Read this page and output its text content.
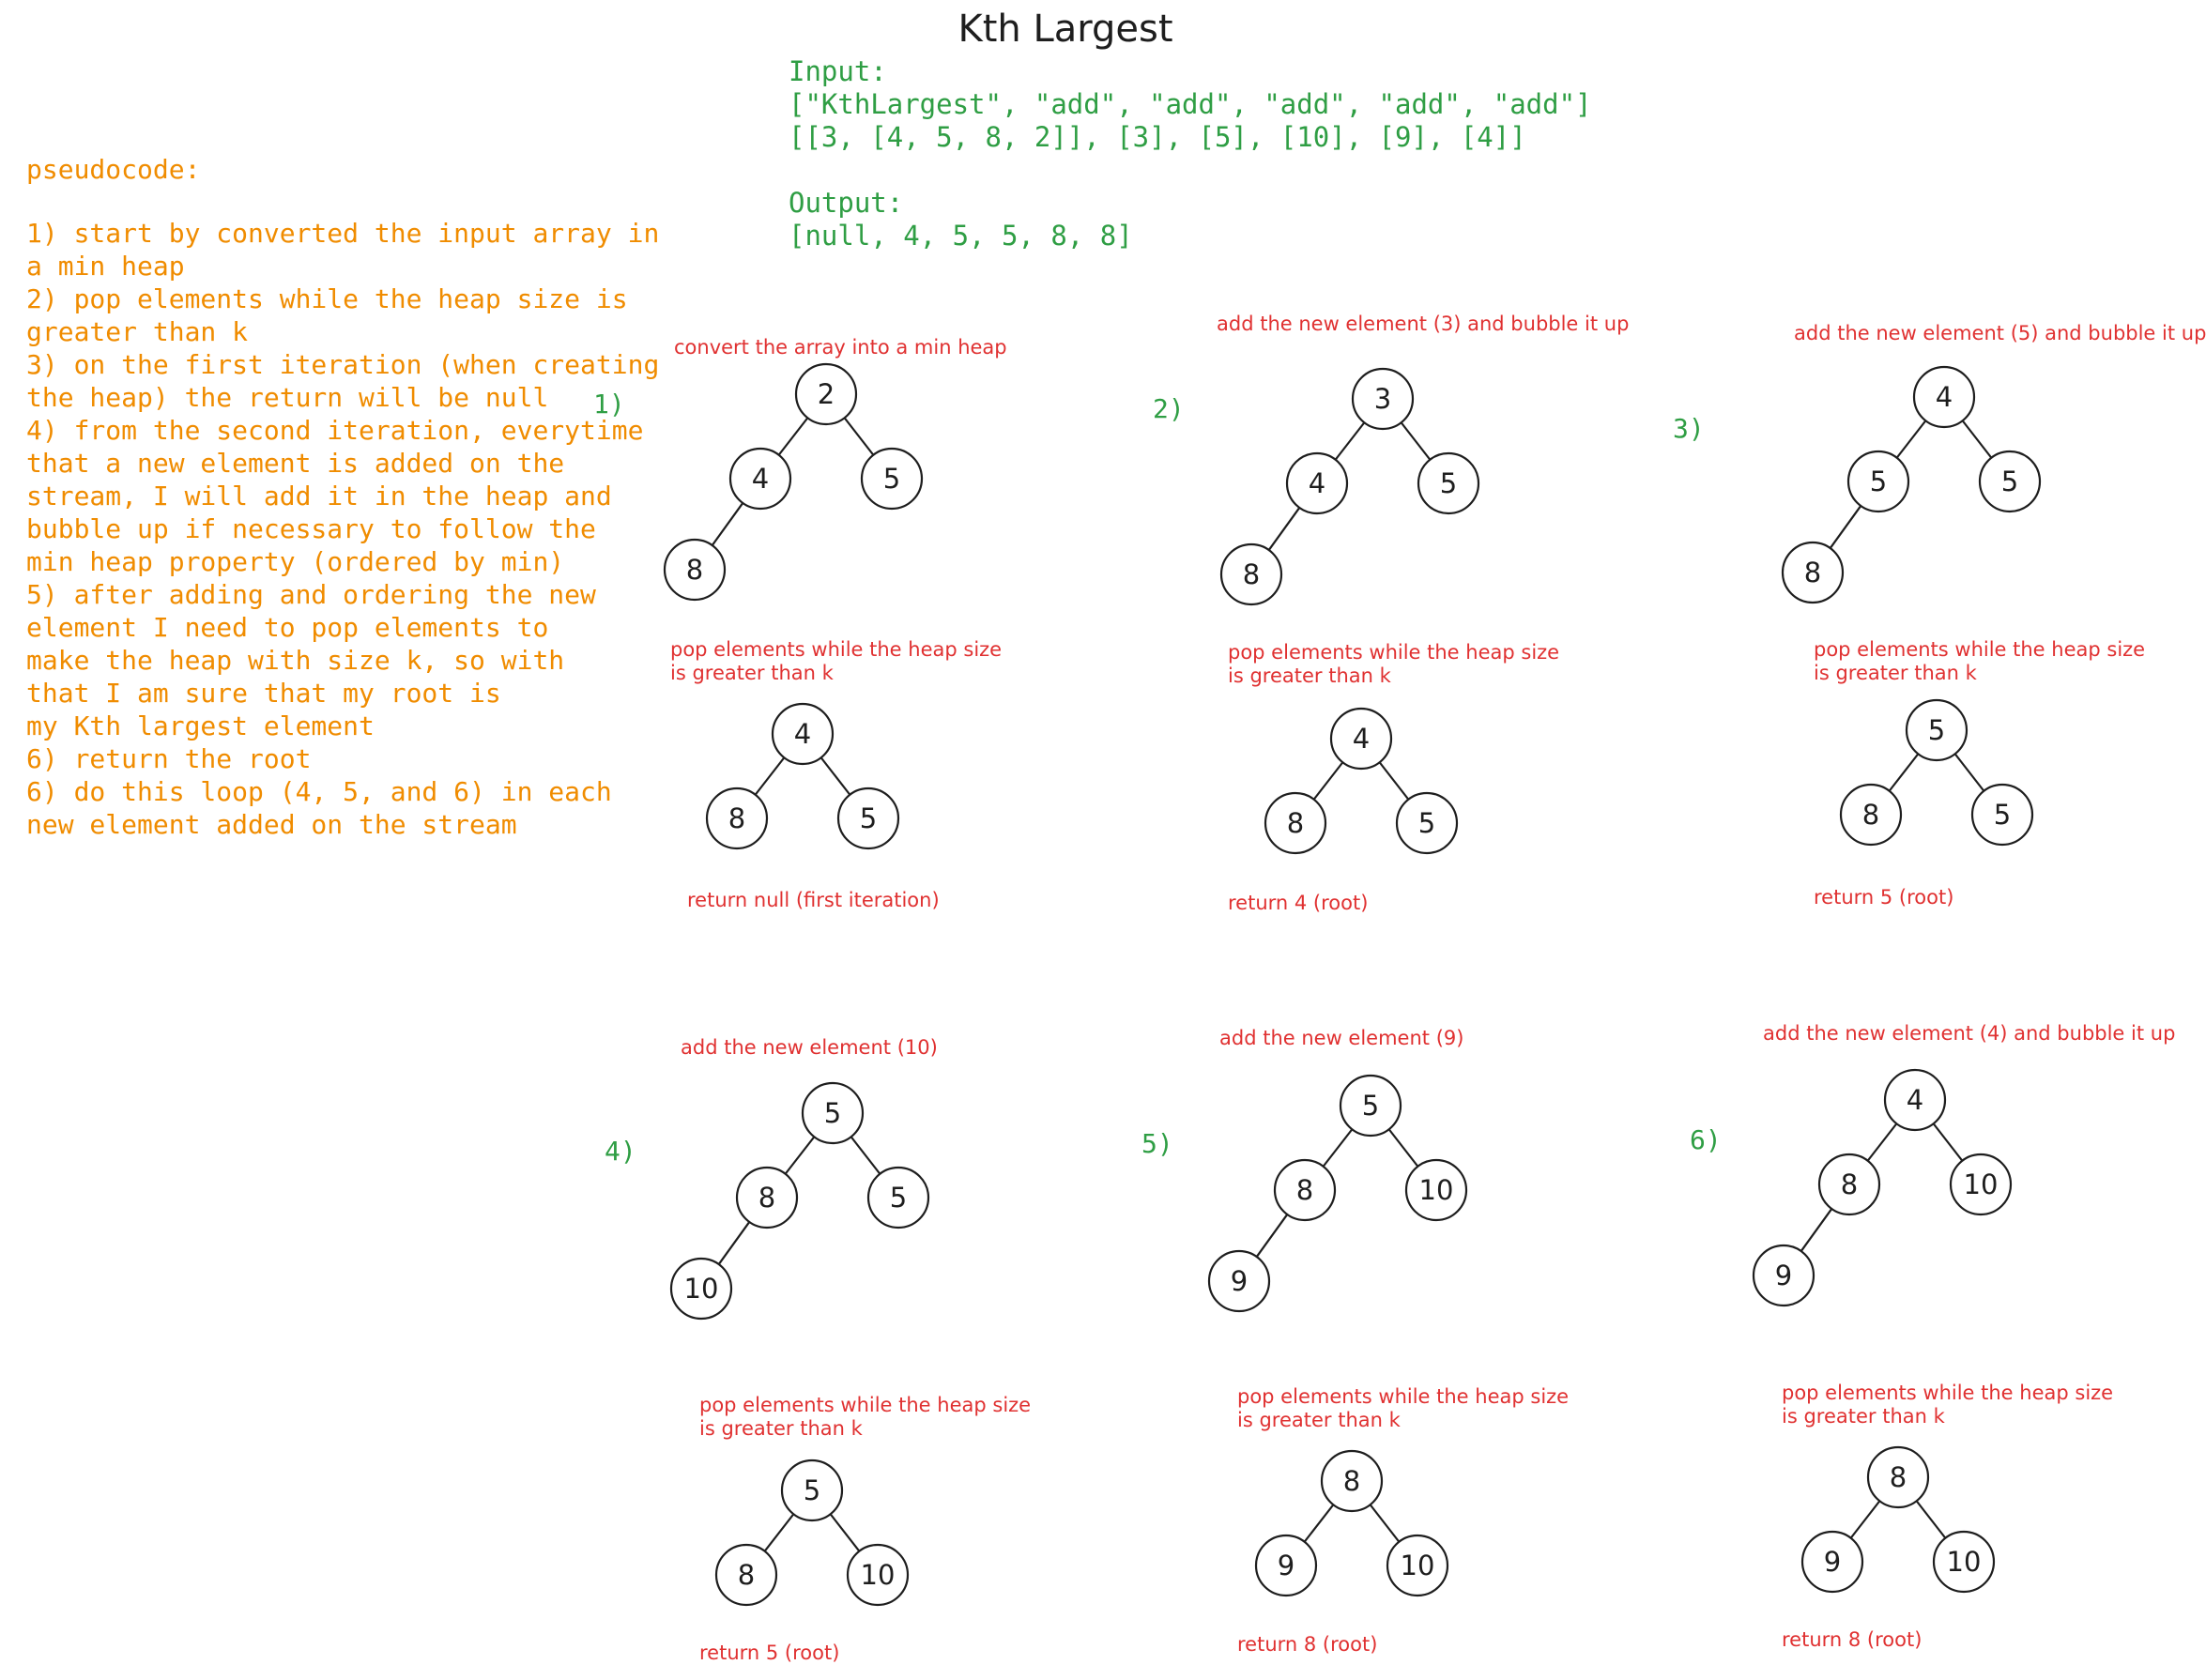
Kth Largest
Input:
["KthLargest", "add", "add", "add", "add", "add"]
[[3, [4, 5, 8, 2]], [3], [5], [10], [9], [4]]
Output:
[null, 4, 5, 5, 8, 8]
pseudocode:
1) start by converted the input array in
a min heap
2) pop elements while the heap size is
greater than k
3) on the first iteration (when creating
the heap) the return will be null
4) from the second iteration, everytime
that a new element is added on the
stream, I will add it in the heap and
bubble up if necessary to follow the
min heap property (ordered by min)
5) after adding and ordering the new
element I need to pop elements to
make the heap with size k, so with
that I am sure that my root is
my Kth largest element
6) return the root
6) do this loop (4, 5, and 6) in each
new element added on the stream
1)
convert the array into a min heap
2
4	5
8
pop elements while the heap size
is greater than k
4
8	5
return null (first iteration)
2)
add the new element (3) and bubble it up
3
4	5
8
pop elements while the heap size
is greater than k
4
8	5
return 4 (root)
3)
add the new element (5) and bubble it up
4
5	5
8
pop elements while the heap size
is greater than k
5
8	5
return 5 (root)
4)
add the new element (10)
5
8	5
10
pop elements while the heap size
is greater than k
5
8	10
return 5 (root)
5)
add the new element (9)
5
8	10
9
pop elements while the heap size
is greater than k
8
9	10
return 8 (root)
6)
add the new element (4) and bubble it up
4
8	10
9
pop elements while the heap size
is greater than k
8
9	10
return 8 (root)
